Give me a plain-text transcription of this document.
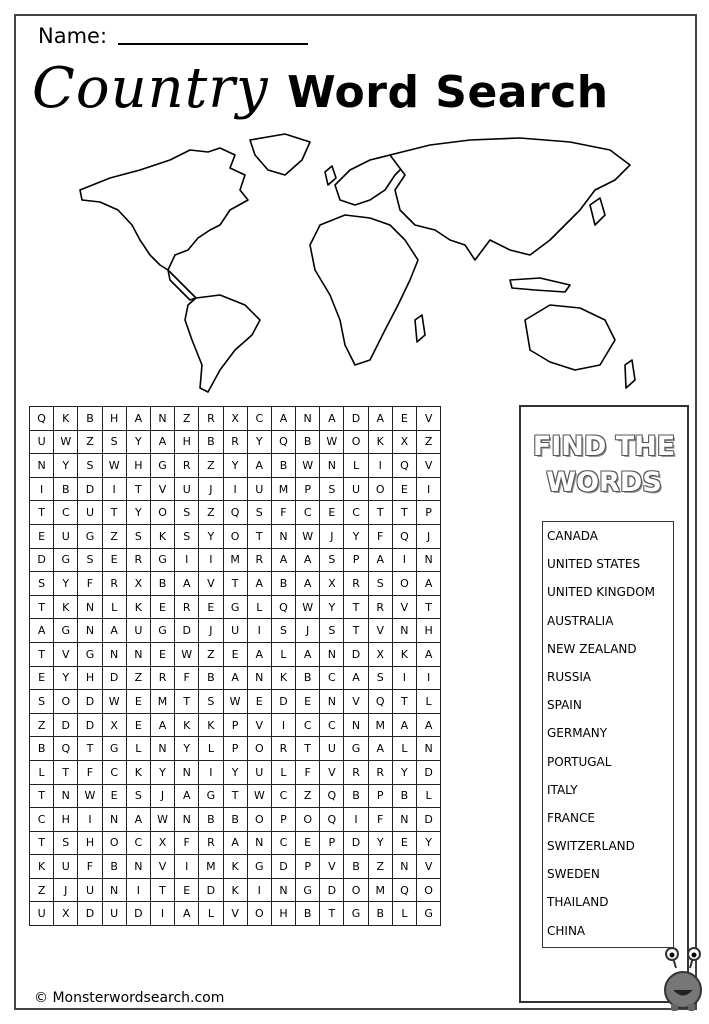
Name:
Country Word Search
Q	K	B	H	A	N	Z	R	X	C	A	N	A	D	A	E	V
U	W	Z	S	Y	A	H	B	R	Y	Q	B	W	O	K	X	Z
N	Y	S	W	H	G	R	Z	Y	A	B	W	N	L	I	Q	V
I	B	D	I	T	V	U	J	I	U	M	P	S	U	O	E	I
T	C	U	T	Y	O	S	Z	Q	S	F	C	E	C	T	T	P
E	U	G	Z	S	K	S	Y	O	T	N	W	J	Y	F	Q	J
D	G	S	E	R	G	I	I	M	R	A	A	S	P	A	I	N
S	Y	F	R	X	B	A	V	T	A	B	A	X	R	S	O	A
T	K	N	L	K	E	R	E	G	L	Q	W	Y	T	R	V	T
A	G	N	A	U	G	D	J	U	I	S	J	S	T	V	N	H
T	V	G	N	N	E	W	Z	E	A	L	A	N	D	X	K	A
E	Y	H	D	Z	R	F	B	A	N	K	B	C	A	S	I	I
S	O	D	W	E	M	T	S	W	E	D	E	N	V	Q	T	L
Z	D	D	X	E	A	K	K	P	V	I	C	C	N	M	A	A
B	Q	T	G	L	N	Y	L	P	O	R	T	U	G	A	L	N
L	T	F	C	K	Y	N	I	Y	U	L	F	V	R	R	Y	D
T	N	W	E	S	J	A	G	T	W	C	Z	Q	B	P	B	L
C	H	I	N	A	W	N	B	B	O	P	O	Q	I	F	N	D
T	S	H	O	C	X	F	R	A	N	C	E	P	D	Y	E	Y
K	U	F	B	N	V	I	M	K	G	D	P	V	B	Z	N	V
Z	J	U	N	I	T	E	D	K	I	N	G	D	O	M	Q	O
U	X	D	U	D	I	A	L	V	O	H	B	T	G	B	L	G
FIND THE
WORDS
CANADA
UNITED STATES
UNITED KINGDOM
AUSTRALIA
NEW ZEALAND
RUSSIA
SPAIN
GERMANY
PORTUGAL
ITALY
FRANCE
SWITZERLAND
SWEDEN
THAILAND
CHINA
© Monsterwordsearch.com
